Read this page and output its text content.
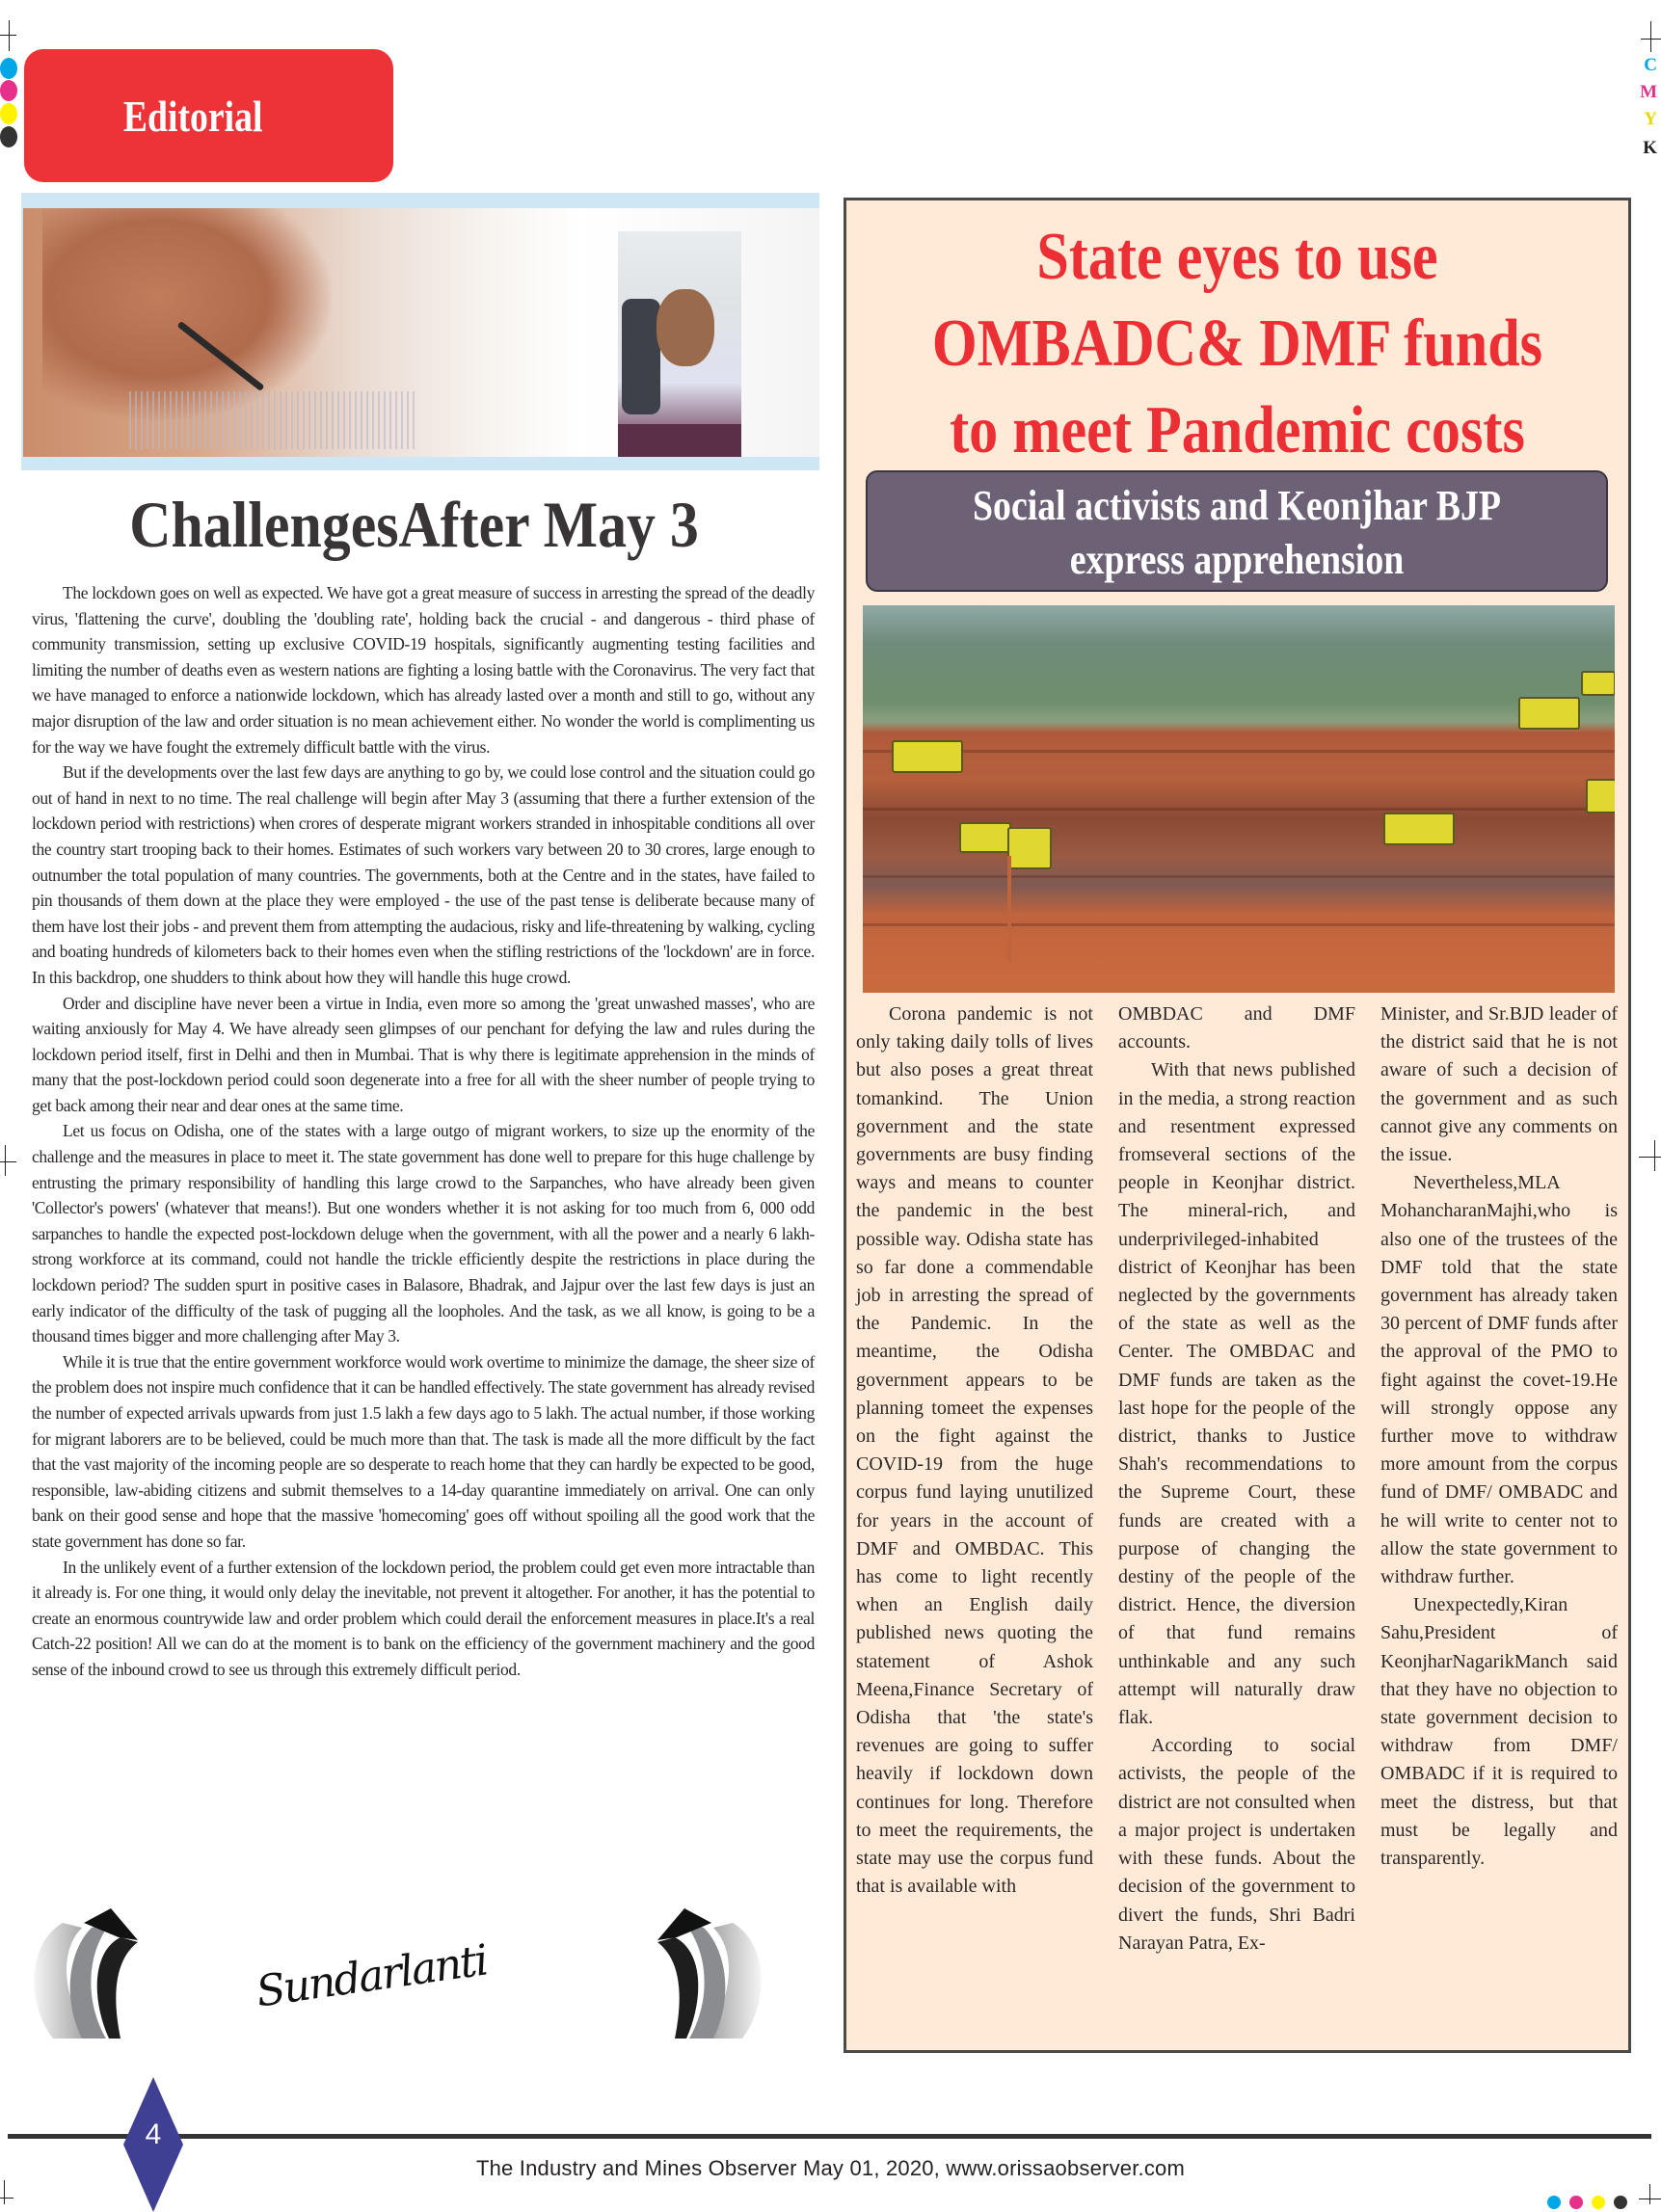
C
M
Y
K
Editorial
ChallengesAfter May 3

The lockdown goes on well as expected. We have got a great measure of success in arresting the spread of the deadly virus, 'flattening the curve', doubling the 'doubling rate', holding back the crucial - and dangerous - third phase of community transmission, setting up exclusive COVID-19 hospitals, significantly augmenting testing facilities and limiting the number of deaths even as western nations are fighting a losing battle with the Coronavirus. The very fact that we have managed to enforce a nationwide lockdown, which has already lasted over a month and still to go, without any major disruption of the law and order situation is no mean achievement either. No wonder the world is complimenting us for the way we have fought the extremely difficult battle with the virus.

But if the developments over the last few days are anything to go by, we could lose control and the situation could go out of hand in next to no time. The real challenge will begin after May 3 (assuming that there a further extension of the lockdown period with restrictions) when crores of desperate migrant workers stranded in inhospitable conditions all over the country start trooping back to their homes. Estimates of such workers vary between 20 to 30 crores, large enough to outnumber the total population of many countries. The governments, both at the Centre and in the states, have failed to pin thousands of them down at the place they were employed - the use of the past tense is deliberate because many of them have lost their jobs - and prevent them from attempting the audacious, risky and life-threatening by walking, cycling and boating hundreds of kilometers back to their homes even when the stifling restrictions of the 'lockdown' are in force. In this backdrop, one shudders to think about how they will handle this huge crowd.

Order and discipline have never been a virtue in India, even more so among the 'great unwashed masses', who are waiting anxiously for May 4. We have already seen glimpses of our penchant for defying the law and rules during the lockdown period itself, first in Delhi and then in Mumbai. That is why there is legitimate apprehension in the minds of many that the post-lockdown period could soon degenerate into a free for all with the sheer number of people trying to get back among their near and dear ones at the same time.

Let us focus on Odisha, one of the states with a large outgo of migrant workers, to size up the enormity of the challenge and the measures in place to meet it. The state government has done well to prepare for this huge challenge by entrusting the primary responsibility of handling this large crowd to the Sarpanches, who have already been given 'Collector's powers' (whatever that means!). But one wonders whether it is not asking for too much from 6, 000 odd sarpanches to handle the expected post-lockdown deluge when the government, with all the power and a nearly 6 lakh-strong workforce at its command, could not handle the trickle efficiently despite the restrictions in place during the lockdown period? The sudden spurt in positive cases in Balasore, Bhadrak, and Jajpur over the last few days is just an early indicator of the difficulty of the task of pugging all the loopholes. And the task, as we all know, is going to be a thousand times bigger and more challenging after May 3.

While it is true that the entire government workforce would work overtime to minimize the damage, the sheer size of the problem does not inspire much confidence that it can be handled effectively. The state government has already revised the number of expected arrivals upwards from just 1.5 lakh a few days ago to 5 lakh. The actual number, if those working for migrant laborers are to be believed, could be much more than that. The task is made all the more difficult by the fact that the vast majority of the incoming people are so desperate to reach home that they can hardly be expected to be good, responsible, law-abiding citizens and submit themselves to a 14-day quarantine immediately on arrival. One can only bank on their good sense and hope that the massive 'homecoming' goes off without spoiling all the good work that the state government has done so far.

In the unlikely event of a further extension of the lockdown period, the problem could get even more intractable than it already is. For one thing, it would only delay the inevitable, not prevent it altogether. For another, it has the potential to create an enormous countrywide law and order problem which could derail the enforcement measures in place.It's a real Catch-22 position! All we can do at the moment is to bank on the efficiency of the government machinery and the good sense of the inbound crowd to see us through this extremely difficult period.

Sundarlanti
State eyes to use
OMBADC& DMF funds
to meet Pandemic costs
Social activists and Keonjhar BJP
express apprehension

Corona pandemic is not only taking daily tolls of lives but also poses a great threat tomankind. The Union government and the state governments are busy finding ways and means to counter the pandemic in the best possible way. Odisha state has so far done a commendable job in arresting the spread of the Pandemic. In the meantime, the Odisha government appears to be planning tomeet the expenses on the fight against the COVID-19 from the huge corpus fund laying unutilized for years in the account of DMF and OMBDAC. This has come to light recently when an English daily published news quoting the statement of Ashok Meena,Finance Secretary of Odisha that 'the state's revenues are going to suffer heavily if lockdown down continues for long. Therefore to meet the requirements, the state may use the corpus fund that is available with

OMBDAC and DMF accounts.

With that news published in the media, a strong reaction and resentment expressed fromseveral sections of the people in Keonjhar district. The mineral-rich, and underprivileged-inhabited district of Keonjhar has been neglected by the governments of the state as well as the Center. The OMBDAC and DMF funds are taken as the last hope for the people of the district, thanks to Justice Shah's recommendations to the Supreme Court, these funds are created with a purpose of changing the destiny of the people of the district. Hence, the diversion of that fund remains unthinkable and any such attempt will naturally draw flak.

According to social activists, the people of the district are not consulted when a major project is undertaken with these funds. About the decision of the government to divert the funds, Shri Badri Narayan Patra, Ex-

Minister, and Sr.BJD leader of the district said that he is not aware of such a decision of the government and as such cannot give any comments on the issue.

Nevertheless,MLA MohancharanMajhi,who is also one of the trustees of the DMF told that the state government has already taken 30 percent of DMF funds after the approval of the PMO to fight against the covet-19.He will strongly oppose any further move to withdraw more amount from the corpus fund of DMF/ OMBADC and he will write to center not to allow the state government to withdraw further.

Unexpectedly,Kiran Sahu,President of KeonjharNagarikManch said that they have no objection to state government decision to withdraw from DMF/ OMBADC if it is required to meet the distress, but that must be legally and transparently.

4
The Industry and Mines Observer May 01, 2020, www.orissaobserver.com
